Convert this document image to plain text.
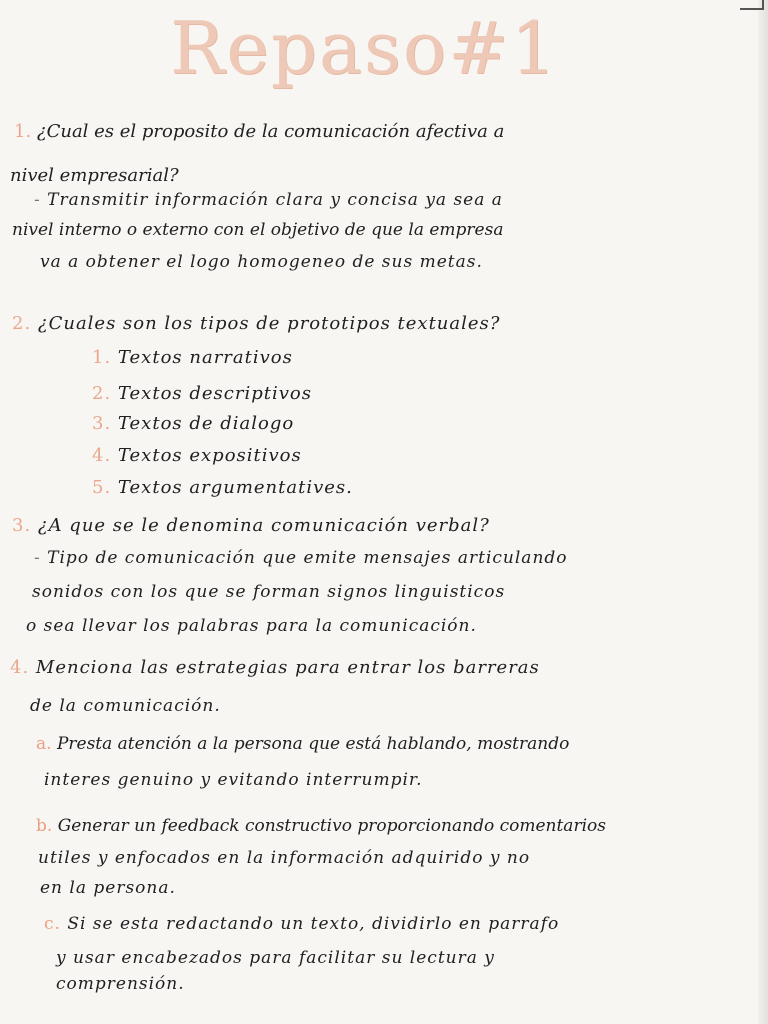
Repaso#1
1. ¿Cual es el proposito de la comunicación afectiva a
nivel empresarial?
- Transmitir información clara y concisa ya sea a
nivel interno o externo con el objetivo de que la empresa
va a obtener el logo homogeneo de sus metas.
2. ¿Cuales son los tipos de prototipos textuales?
1. Textos narrativos
2. Textos descriptivos
3. Textos de dialogo
4. Textos expositivos
5. Textos argumentatives.
3. ¿A que se le denomina comunicación verbal?
- Tipo de comunicación que emite mensajes articulando
sonidos con los que se forman signos linguisticos
o sea llevar los palabras para la comunicación.
4. Menciona las estrategias para entrar los barreras
de la comunicación.
a. Presta atención a la persona que está hablando, mostrando
interes genuino y evitando interrumpir.
b. Generar un feedback constructivo proporcionando comentarios
utiles y enfocados en la información adquirido y no
en la persona.
c. Si se esta redactando un texto, dividirlo en parrafo
y usar encabezados para facilitar su lectura y
comprensión.
